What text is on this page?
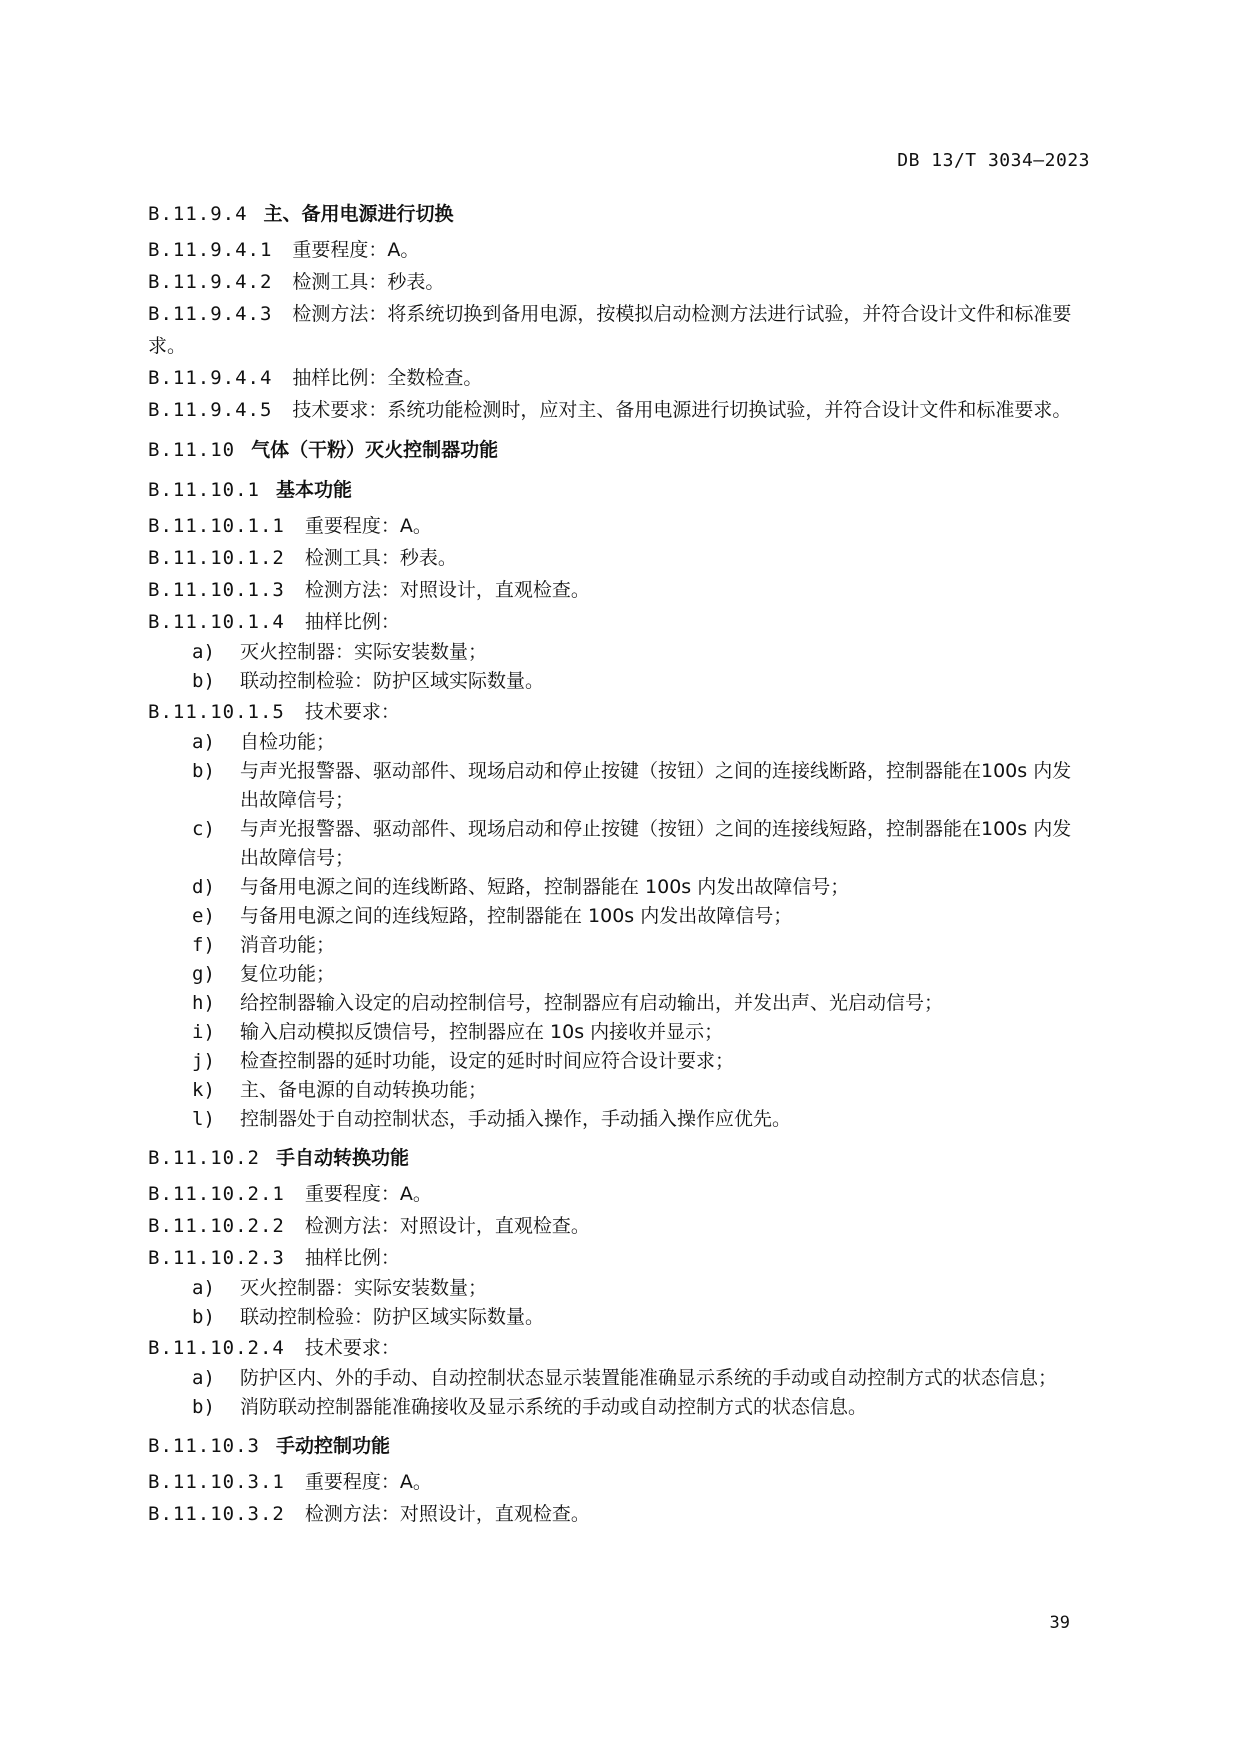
DB 13/T 3034—2023
B.11.9.4 主、备用电源进行切换
B.11.9.4.1 重要程度：A。
B.11.9.4.2 检测工具：秒表。
B.11.9.4.3 检测方法：将系统切换到备用电源，按模拟启动检测方法进行试验，并符合设计文件和标准要求。
B.11.9.4.4 抽样比例：全数检查。
B.11.9.4.5 技术要求：系统功能检测时，应对主、备用电源进行切换试验，并符合设计文件和标准要求。
B.11.10 气体（干粉）灭火控制器功能
B.11.10.1 基本功能
B.11.10.1.1 重要程度：A。
B.11.10.1.2 检测工具：秒表。
B.11.10.1.3 检测方法：对照设计，直观检查。
B.11.10.1.4 抽样比例：
a) 灭火控制器：实际安装数量；
b) 联动控制检验：防护区域实际数量。
B.11.10.1.5 技术要求：
a) 自检功能；
b) 与声光报警器、驱动部件、现场启动和停止按键（按钮）之间的连接线断路，控制器能在100s 内发出故障信号；
c) 与声光报警器、驱动部件、现场启动和停止按键（按钮）之间的连接线短路，控制器能在100s 内发出故障信号；
d) 与备用电源之间的连线断路、短路，控制器能在 100s 内发出故障信号；
e) 与备用电源之间的连线短路，控制器能在 100s 内发出故障信号；
f) 消音功能；
g) 复位功能；
h) 给控制器输入设定的启动控制信号，控制器应有启动输出，并发出声、光启动信号；
i) 输入启动模拟反馈信号，控制器应在 10s 内接收并显示；
j) 检查控制器的延时功能，设定的延时时间应符合设计要求；
k) 主、备电源的自动转换功能；
l) 控制器处于自动控制状态，手动插入操作，手动插入操作应优先。
B.11.10.2 手自动转换功能
B.11.10.2.1 重要程度：A。
B.11.10.2.2 检测方法：对照设计，直观检查。
B.11.10.2.3 抽样比例：
a) 灭火控制器：实际安装数量；
b) 联动控制检验：防护区域实际数量。
B.11.10.2.4 技术要求：
a) 防护区内、外的手动、自动控制状态显示装置能准确显示系统的手动或自动控制方式的状态信息；
b) 消防联动控制器能准确接收及显示系统的手动或自动控制方式的状态信息。
B.11.10.3 手动控制功能
B.11.10.3.1 重要程度：A。
B.11.10.3.2 检测方法：对照设计，直观检查。
39
